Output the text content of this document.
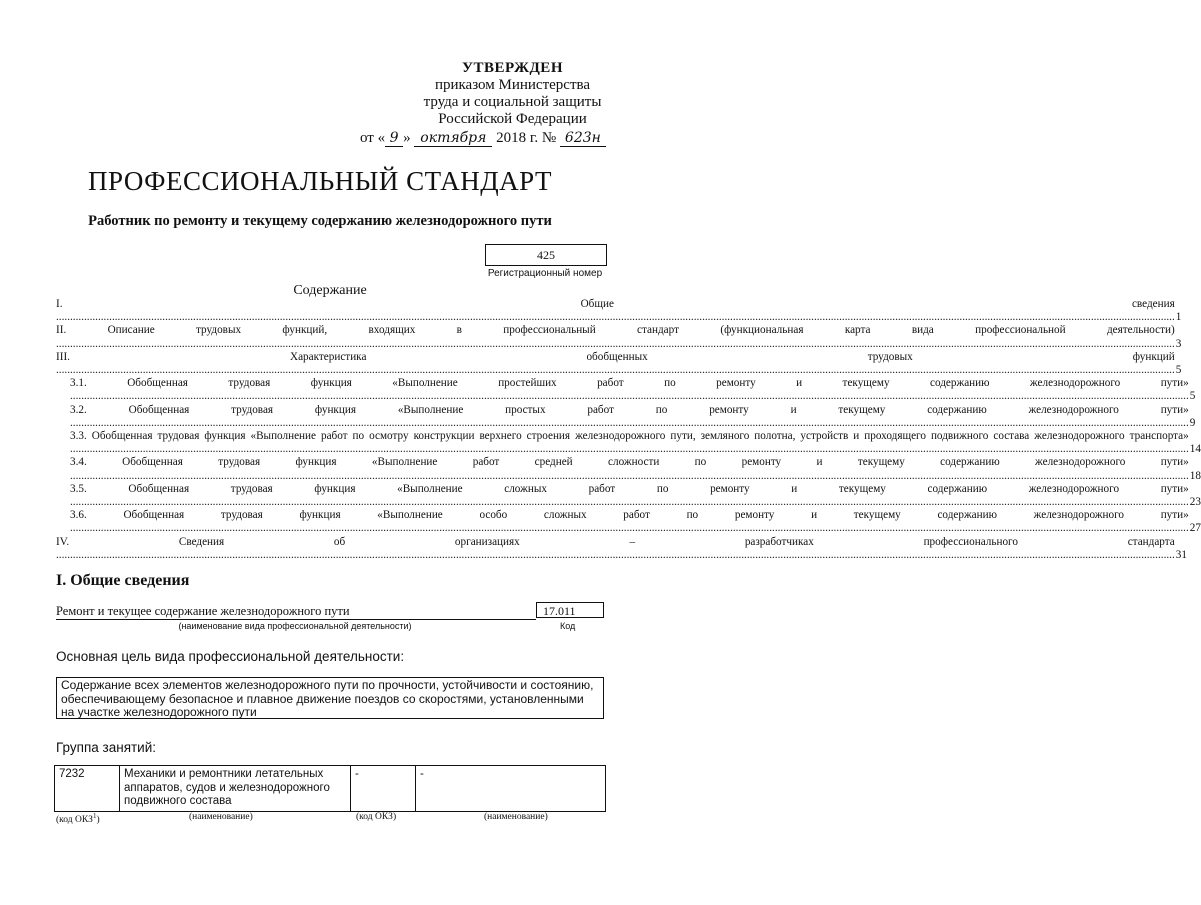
УТВЕРЖДЕН
приказом Министерства
труда и социальной защиты
Российской Федерации
от « 9 » октября 2018 г. № 623н
ПРОФЕССИОНАЛЬНЫЙ СТАНДАРТ
Работник по ремонту и текущему содержанию железнодорожного пути
425
Регистрационный номер
Содержание
I. Общие сведения ................................................................................................................................................................................................................................................................................................................................................................................................................ 1
II. Описание трудовых функций, входящих в профессиональный стандарт (функциональная карта вида профессиональной деятельности) ................................................................................................................................................................................................................................................................................................................................................................................................................ 3
III. Характеристика обобщенных трудовых функций ................................................................................................................................................................................................................................................................................................................................................................................................................ 5
3.1. Обобщенная трудовая функция «Выполнение простейших работ по ремонту и текущему содержанию железнодорожного пути» ................................................................................................................................................................................................................................................................................................................................................................................................................ 5
3.2. Обобщенная трудовая функция «Выполнение простых работ по ремонту и текущему содержанию железнодорожного пути» ................................................................................................................................................................................................................................................................................................................................................................................................................ 9
3.3. Обобщенная трудовая функция «Выполнение работ по осмотру конструкции верхнего строения железнодорожного пути, земляного полотна, устройств и проходящего подвижного состава железнодорожного транспорта» ................................................................................................................................................................................................................................................................................................................................................................................................................ 14
3.4. Обобщенная трудовая функция «Выполнение работ средней сложности по ремонту и текущему содержанию железнодорожного пути» ................................................................................................................................................................................................................................................................................................................................................................................................................ 18
3.5. Обобщенная трудовая функция «Выполнение сложных работ по ремонту и текущему содержанию железнодорожного пути» ................................................................................................................................................................................................................................................................................................................................................................................................................ 23
3.6. Обобщенная трудовая функция «Выполнение особо сложных работ по ремонту и текущему содержанию железнодорожного пути» ................................................................................................................................................................................................................................................................................................................................................................................................................ 27
IV. Сведения об организациях – разработчиках профессионального стандарта ................................................................................................................................................................................................................................................................................................................................................................................................................ 31
I. Общие сведения
Ремонт и текущее содержание железнодорожного пути	17.011
(наименование вида профессиональной деятельности)	Код
Основная цель вида профессиональной деятельности:
Содержание всех элементов железнодорожного пути по прочности, устойчивости и состоянию, обеспечивающему безопасное и плавное движение поездов со скоростями, установленными на участке железнодорожного пути
Группа занятий:
7232	Механики и ремонтники летательных аппаратов, судов и железнодорожного подвижного состава	-	-
(код ОКЗ$^1$)	(наименование)	(код ОКЗ)	(наименование)
